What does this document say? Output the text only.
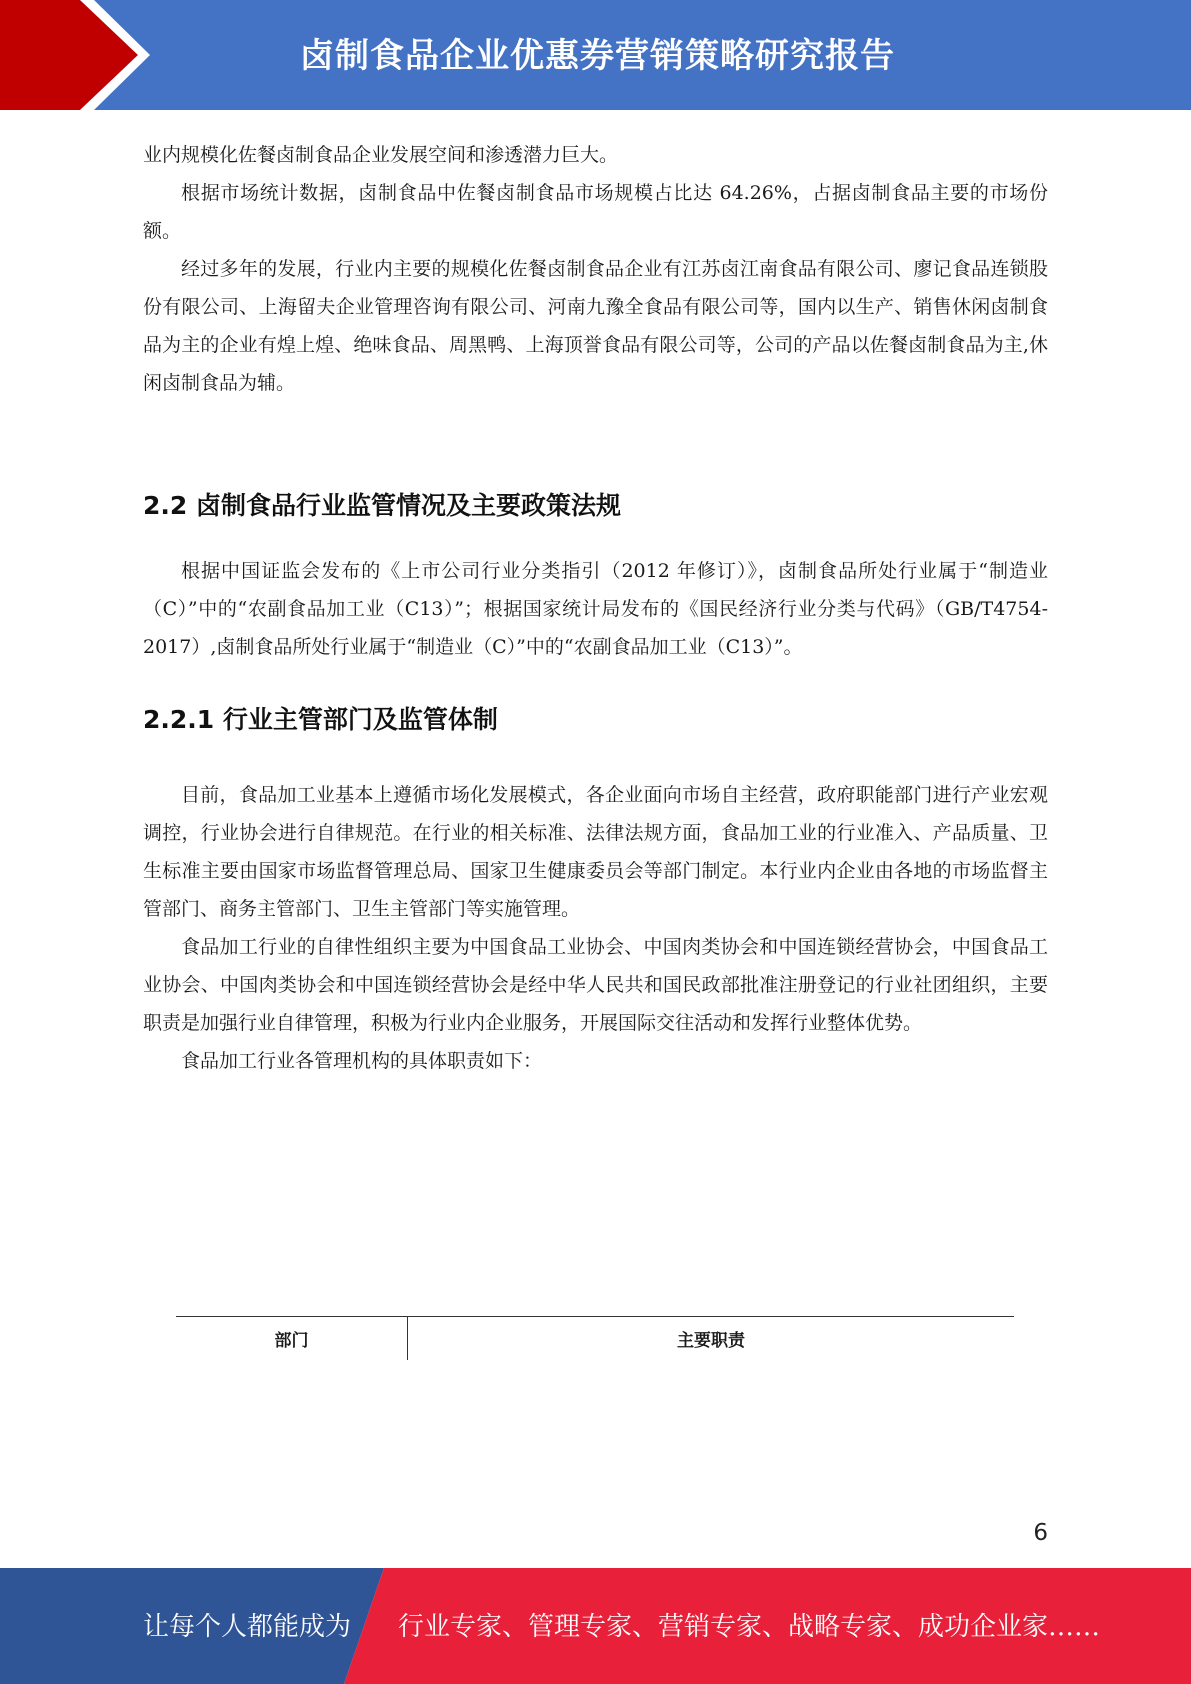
卤制食品企业优惠券营销策略研究报告

业内规模化佐餐卤制食品企业发展空间和渗透潜力巨大。

根据市场统计数据，卤制食品中佐餐卤制食品市场规模占比达 64.26%，占据卤制食品主要的市场份额。

经过多年的发展，行业内主要的规模化佐餐卤制食品企业有江苏卤江南食品有限公司、廖记食品连锁股份有限公司、上海留夫企业管理咨询有限公司、河南九豫全食品有限公司等，国内以生产、销售休闲卤制食品为主的企业有煌上煌、绝味食品、周黑鸭、上海顶誉食品有限公司等，公司的产品以佐餐卤制食品为主,休闲卤制食品为辅。

2.2 卤制食品行业监管情况及主要政策法规

根据中国证监会发布的《上市公司行业分类指引（2012 年修订）》，卤制食品所处行业属于“制造业（C）”中的“农副食品加工业（C13）”；根据国家统计局发布的《国民经济行业分类与代码》（GB/T4754-2017）,卤制食品所处行业属于“制造业（C）”中的“农副食品加工业（C13）”。

2.2.1 行业主管部门及监管体制

目前，食品加工业基本上遵循市场化发展模式，各企业面向市场自主经营，政府职能部门进行产业宏观调控，行业协会进行自律规范。在行业的相关标准、法律法规方面，食品加工业的行业准入、产品质量、卫生标准主要由国家市场监督管理总局、国家卫生健康委员会等部门制定。本行业内企业由各地的市场监督主管部门、商务主管部门、卫生主管部门等实施管理。

食品加工行业的自律性组织主要为中国食品工业协会、中国肉类协会和中国连锁经营协会，中国食品工业协会、中国肉类协会和中国连锁经营协会是经中华人民共和国民政部批准注册登记的行业社团组织，主要职责是加强行业自律管理，积极为行业内企业服务，开展国际交往活动和发挥行业整体优势。

食品加工行业各管理机构的具体职责如下：

部门	主要职责
6
让每个人都能成为 行业专家、管理专家、营销专家、战略专家、成功企业家……
